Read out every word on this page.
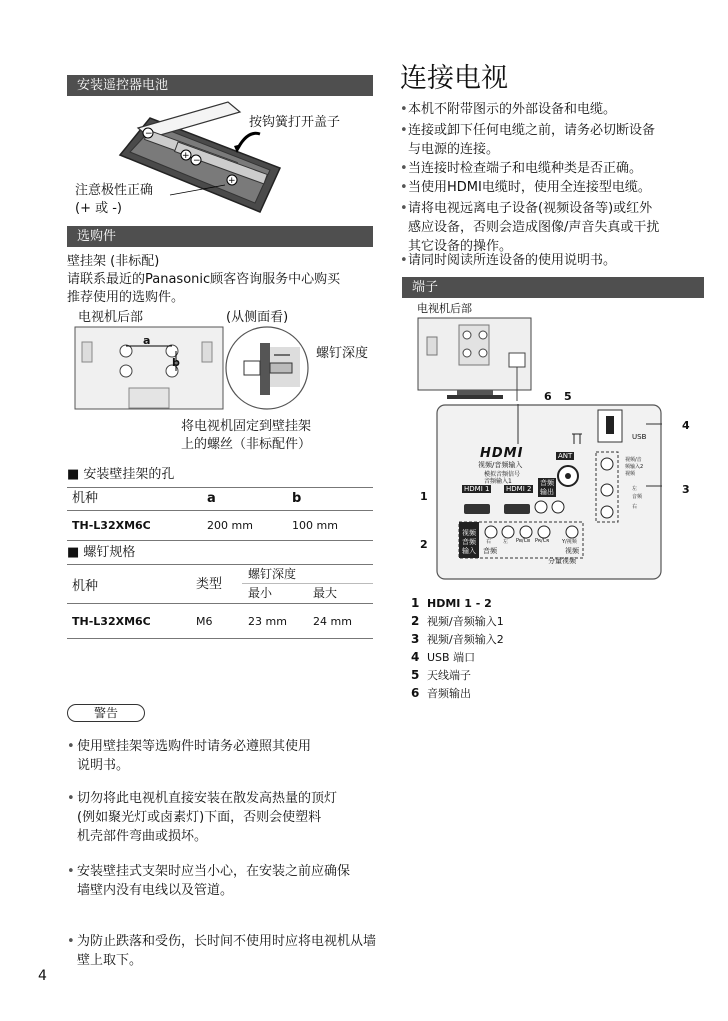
安装遥控器电池
−
+ −
+
按钩簧打开盖子
注意极性正确
(+ 或 -)
选购件
壁挂架 (非标配)
请联系最近的Panasonic顾客咨询服务中心购买
推荐使用的选购件。
电视机后部	(从侧面看)
a
b
螺钉深度
将电视机固定到壁挂架
上的螺丝（非标配件）
■ 安装壁挂架的孔
机种	a	b
TH-L32XM6C	200 mm	100 mm
■ 螺钉规格
机种	类型
螺钉深度
最小	最大
TH-L32XM6C	M6	23 mm 24 mm
警告
• 使用壁挂架等选购件时请务必遵照其使用
说明书。
• 切勿将此电视机直接安装在散发高热量的顶灯
(例如聚光灯或卤素灯)下面，否则会使塑料
机壳部件弯曲或损坏。
• 安装壁挂式支架时应当小心，在安装之前应确保
墙壁内没有电线以及管道。
• 为防止跌落和受伤，长时间不使用时应将电视机从墙
壁上取下。
4
连接电视
• 本机不附带图示的外部设备和电缆。
• 连接或卸下任何电缆之前，请务必切断设备
与电源的连接。
• 当连接时检查端子和电缆种类是否正确。
• 当使用HDMI电缆时，使用全连接型电缆。
• 请将电视远离电子设备(视频设备等)或红外
感应设备，否则会造成图像/声音失真或干扰
其它设备的操作。
• 请同时阅读所连设备的使用说明书。
端子
电视机后部
6 5
4
3
1
2
HDMI
视频/音频输入
模拟音频信号
音频输入1
HDMI 1 HDMI 2
ANT
音频
输出
视频
音频
输入 音频
右 左 Pʙ/Cʙ Pʀ/Cʀ	Y/视频
视频
分量视频
USB
视频/音
频输入2
视频
左
音频
右
1 HDMI 1 - 2
2 视频/音频输入1
3 视频/音频输入2
4 USB 端口
5 天线端子
6 音频输出
